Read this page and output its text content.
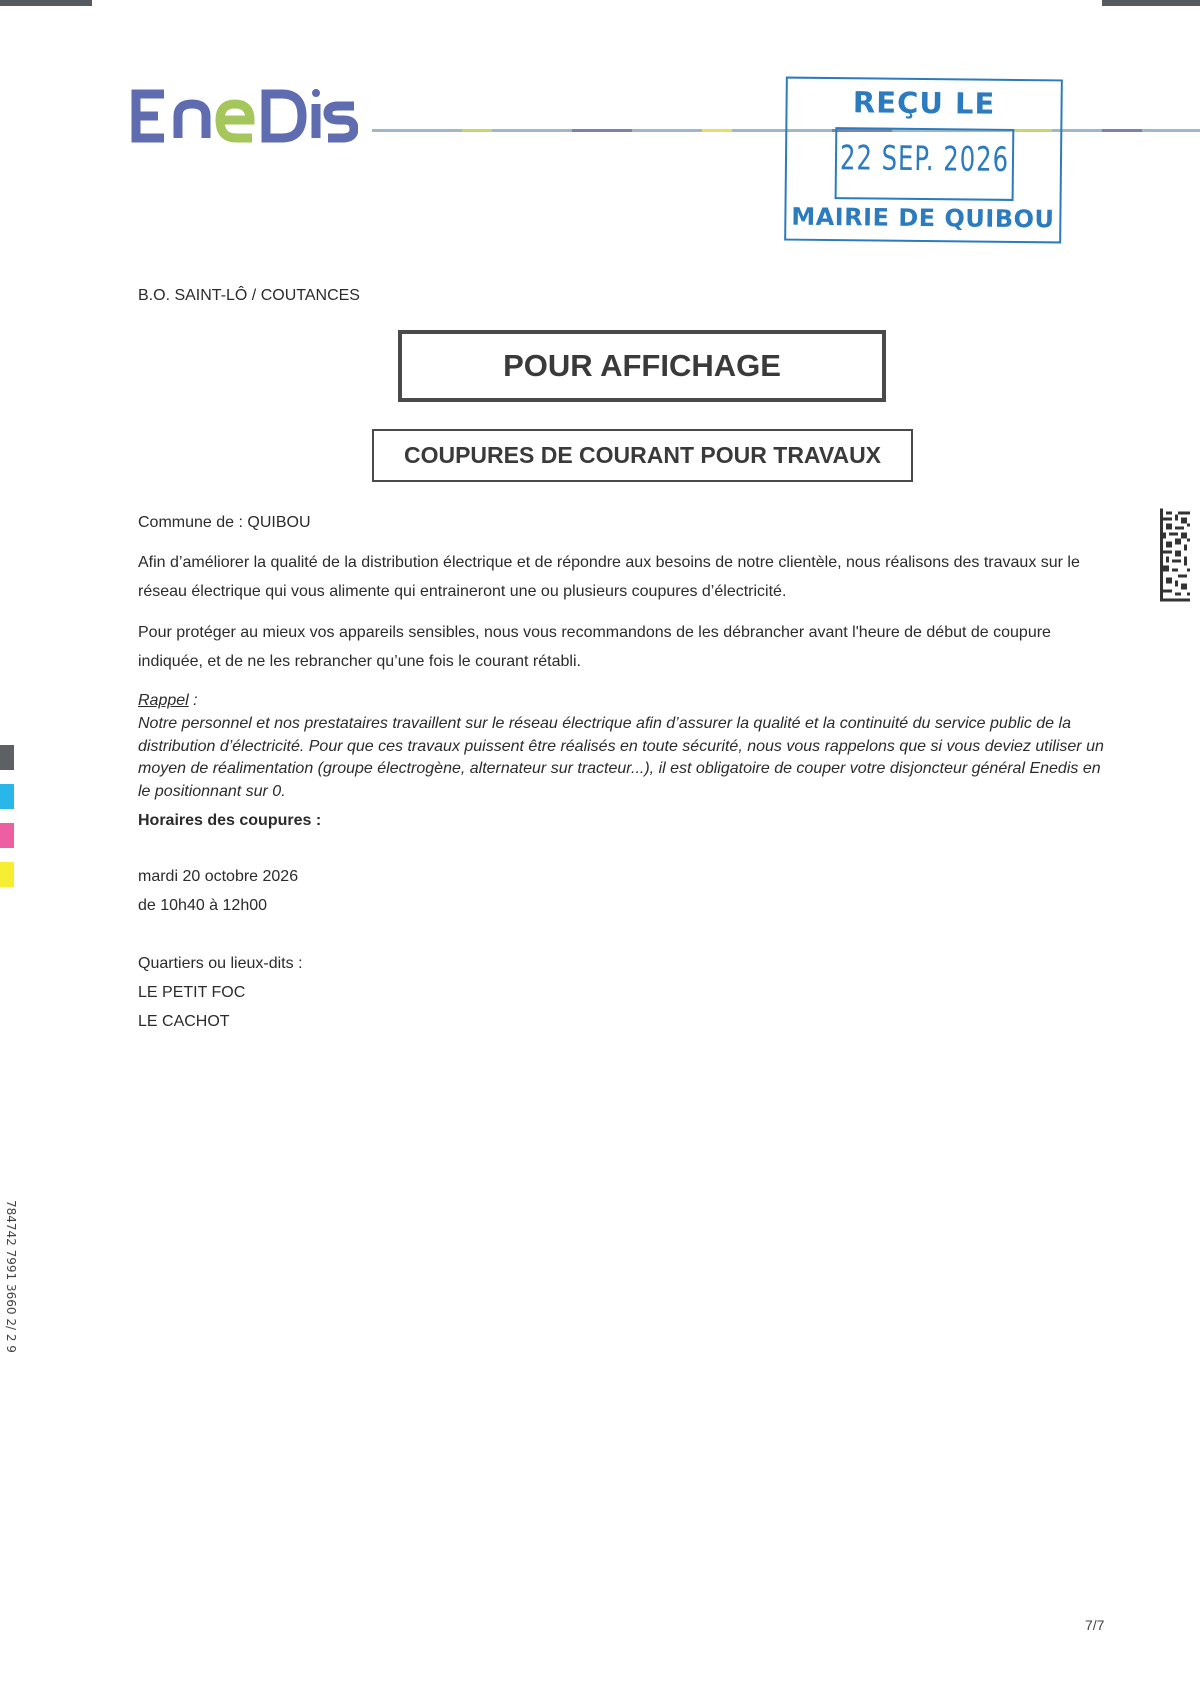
REÇU LE
22 SEP. 2026
MAIRIE DE QUIBOU
B.O. SAINT-LÔ / COUTANCES
POUR AFFICHAGE
COUPURES DE COURANT POUR TRAVAUX
Commune de : QUIBOU
Afin d’améliorer la qualité de la distribution électrique et de répondre aux besoins de notre clientèle, nous réalisons des travaux sur le réseau électrique qui vous alimente qui entraineront une ou plusieurs coupures d’électricité.
Pour protéger au mieux vos appareils sensibles, nous vous recommandons de les débrancher avant l'heure de début de coupure indiquée, et de ne les rebrancher qu’une fois le courant rétabli.
Rappel :
Notre personnel et nos prestataires travaillent sur le réseau électrique afin d’assurer la qualité et la continuité du service public de la distribution d’électricité. Pour que ces travaux puissent être réalisés en toute sécurité, nous vous rappelons que si vous deviez utiliser un moyen de réalimentation (groupe électrogène, alternateur sur tracteur...), il est obligatoire de couper votre disjoncteur général Enedis en le positionnant sur 0.
Horaires des coupures :
mardi 20 octobre 2026
de 10h40 à 12h00
Quartiers ou lieux-dits :
LE PETIT FOC
LE CACHOT
784742 7991 3660 2/ 2 9
7/7
